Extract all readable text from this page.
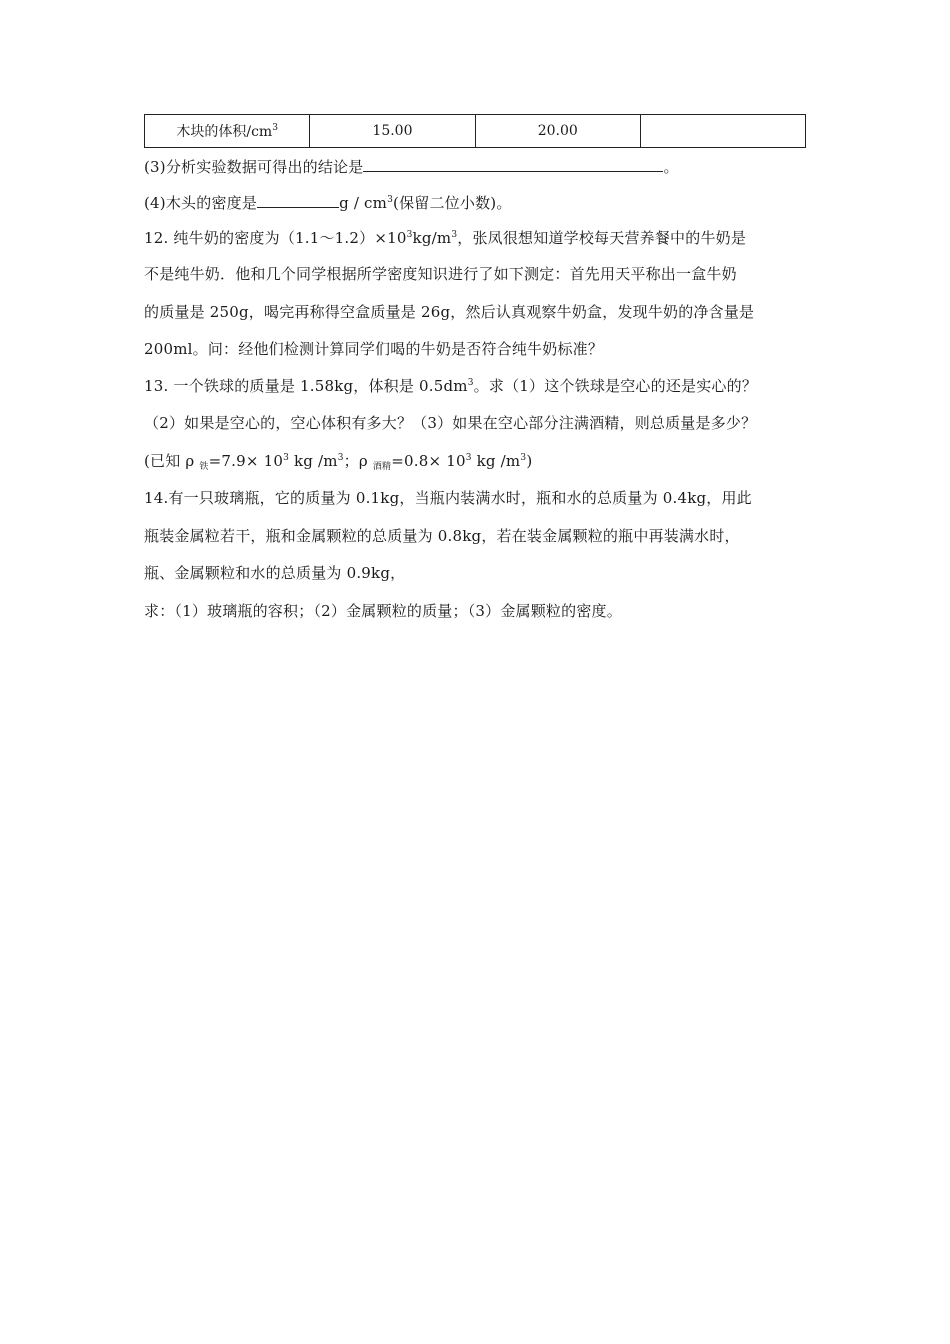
木块的体积$/cm^3$	15.00	20.00	
(3)分析实验数据可得出的结论是	。
(4)木头的密度是	g / $cm^3$(保留二位小数)。
12. 纯牛奶的密度为$(1.1\sim 1.2)\times 10^3kg/m^3$，张凤很想知道学校每天营养餐中的牛奶是
不是纯牛奶．他和几个同学根据所学密度知识进行了如下测定：首先用天平称出一盒牛奶
的质量是 250g，喝完再称得空盒质量是 26g，然后认真观察牛奶盒，发现牛奶的净含量是
200ml。问：经他们检测计算同学们喝的牛奶是否符合纯牛奶标准？
13. 一个铁球的质量是 1.58kg，体积是 $0.5dm^3$。求（1）这个铁球是空心的还是实心的？
（2）如果是空心的，空心体积有多大？（3）如果在空心部分注满酒精，则总质量是多少？
(已知 ρ $_铁=7.9\times 10^3$ kg $/m^3$；ρ $_{酒精}=0.8\times 10^3$ kg $/m^3$)
14.有一只玻璃瓶，它的质量为 0.1kg，当瓶内装满水时，瓶和水的总质量为 0.4kg，用此
瓶装金属粒若干，瓶和金属颗粒的总质量为 0.8kg，若在装金属颗粒的瓶中再装满水时，
瓶、金属颗粒和水的总质量为 0.9kg，
求：（1）玻璃瓶的容积；（2）金属颗粒的质量；（3）金属颗粒的密度。
